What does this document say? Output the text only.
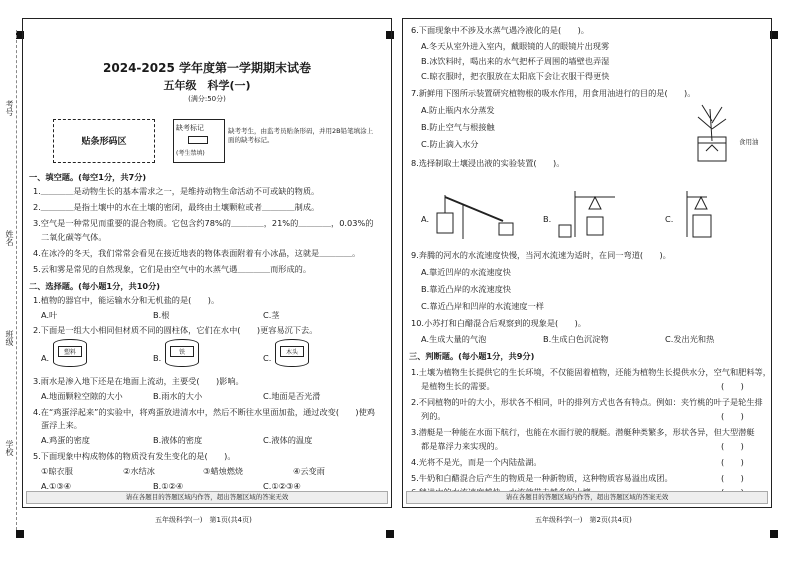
考号
姓名
班级
学校
2024-2025 学年度第一学期期末试卷
五年级　科学(一)
(满分:50分)
贴条形码区
缺考标记
(考生禁填)
缺考考生，由监考员贴条形码，并用2B铅笔填涂上面的缺考标记。
一、填空题。(每空1分，共7分)
1.＿＿＿＿是动物生长的基本需求之一，是维持动物生命活动不可或缺的物质。
2.＿＿＿＿是指土壤中的水在土壤的密闭，最终由土壤颗粒或者＿＿＿＿制成。
3.空气是一种常见而重要的混合物质。它包含约78%的＿＿＿＿，21%的＿＿＿＿，0.03%的
二氧化碳等气体。
4.在冰冷的冬天，我们常常会看见在接近地表的物体表面附着有小冰晶，这就是＿＿＿＿。
5.云和雾是常见的自然现象，它们是由空气中的水蒸气遇＿＿＿＿而形成的。
二、选择题。(每小题1分，共10分)
1.植物的器官中，能运输水分和无机盐的是(　　)。
A.叶	B.根	C.茎
2.下面是一组大小相同但材质不同的圆柱体，它们在水中(　　)更容易沉下去。
A.
塑料
B.
铁
C.
木头
3.雨水是渗入地下还是在地面上流动，主要受(　　)影响。
A.地面颗粒空隙的大小	B.雨水的大小	C.地面是否光滑
4.在“鸡蛋浮起来”的实验中，将鸡蛋放进清水中，然后不断往水里面加盐，通过改变(　　)使鸡
蛋浮上来。
A.鸡蛋的密度	B.液体的密度	C.液体的温度
5.下面现象中构成物体的物质没有发生变化的是(　　)。
①晾衣服	②水结冰	③蜡烛燃烧	④云变雨
A.①③④	B.①②④	C.①②③④
请在各题目的答题区域内作答，超出答题区域的答案无效
五年级科学(一)　第1页(共4页)
6.下面现象中不涉及水蒸气遇冷液化的是(　　)。
A.冬天从室外进入室内，戴眼镜的人的眼镜片出现雾
B.冰饮料时，喝出来的水气把杯子周围的墙壁也弄湿
C.晾衣服时，把衣服放在太阳底下会让衣服干得更快
7.新鲜用下图所示装置研究植物根的吸水作用，用食用油进行的目的是(　　)。
A.防止瓶内水分蒸发
B.防止空气与根接触
C.防止滴入水分	食用油
8.选择制取土壤浸出液的实验装置(　　)。
A.	B.	C.
9.奔腾的河水的水流速度快慢，当河水流速为适时，在同一弯道(　　)。
A.靠近凹岸的水流速度快
B.靠近凸岸的水流速度快
C.靠近凸岸和凹岸的水流速度一样
10.小苏打和白醋混合后观察到的现象是(　　)。
A.生成大量的气泡	B.生成白色沉淀物	C.发出光和热
三、判断题。(每小题1分，共9分)
1.土壤为植物生长提供它的生长环境，不仅能固着植物，还能为植物生长提供水分，空气和肥料等，
是植物生长的需要。	(　　)
2.不同植物的叶的大小，形状各不相同，叶的排列方式也各有特点。例如：夹竹桃的叶子是轮生排
列的。	(　　)
3.潜艇是一种能在水面下航行，也能在水面行驶的舰艇。潜艇种类繁多，形状各异，但大型潜艇
都是靠浮力来实现的。	(　　)
4.光将不是光，而是一个内陆盐湖。	(　　)
5.牛奶和白醋混合后产生的物质是一种新物质，这种物质容易溢出成团。	(　　)
请在各题目的答题区域内作答，超出答题区域的答案无效
五年级科学(一)　第2页(共4页)
